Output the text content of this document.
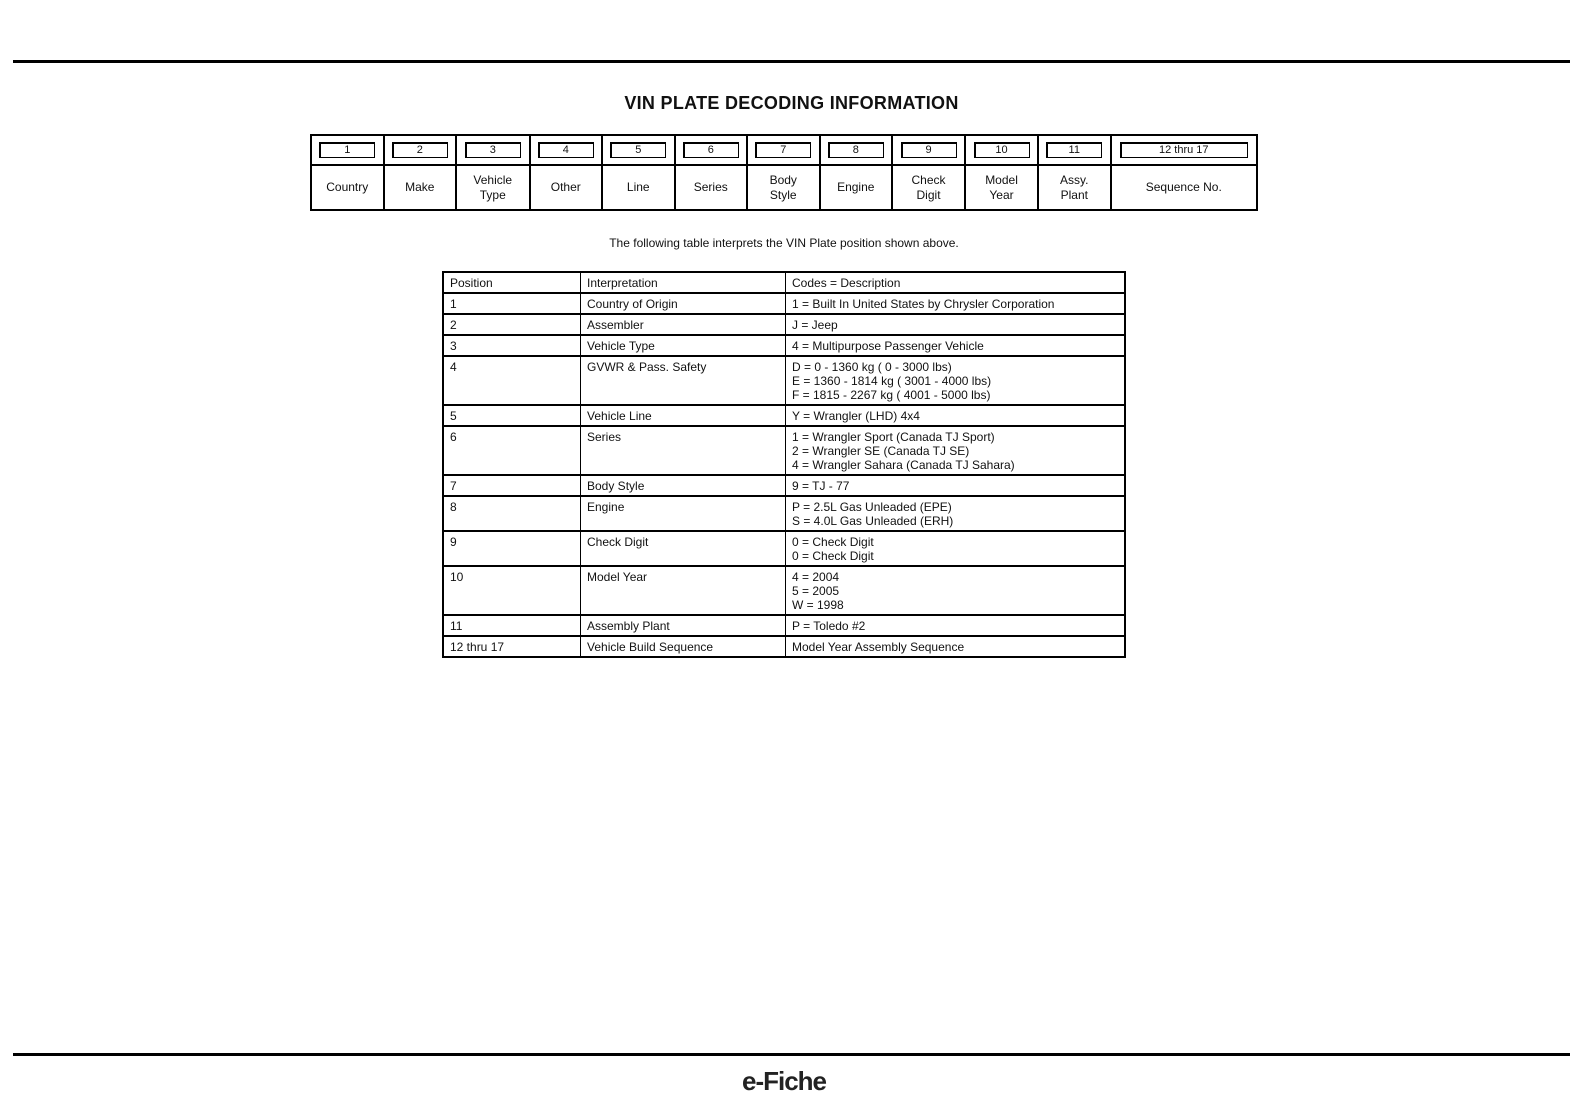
VIN PLATE DECODING INFORMATION
1	2	3	4	5	6	7	8	9	10	11	12 thru 17

Country	Make	Vehicle Type	Other	Line	Series	Body Style	Engine	Check Digit	Model Year	Assy. Plant	Sequence No.

The following table interprets the VIN Plate position shown above.

Position	Interpretation	Codes = Description
1	Country of Origin	1 = Built In United States by Chrysler Corporation

2	Assembler	J = Jeep

3	Vehicle Type	4 = Multipurpose Passenger Vehicle

4	GVWR & Pass. Safety	D = 0 - 1360 kg ( 0 - 3000 lbs)
E = 1360 - 1814 kg ( 3001 - 4000 lbs)
F = 1815 - 2267 kg ( 4001 - 5000 lbs)

5	Vehicle Line	Y = Wrangler (LHD) 4x4

6	Series	1 = Wrangler Sport (Canada TJ Sport)
2 = Wrangler SE (Canada TJ SE)
4 = Wrangler Sahara (Canada TJ Sahara)

7	Body Style	9 = TJ - 77

8	Engine	P = 2.5L Gas Unleaded (EPE)
S = 4.0L Gas Unleaded (ERH)

9	Check Digit	0 = Check Digit
0 = Check Digit

10	Model Year	4 = 2004
5 = 2005
W = 1998

11	Assembly Plant	P = Toledo #2

12 thru 17	Vehicle Build Sequence	Model Year Assembly Sequence
e-Fiche
